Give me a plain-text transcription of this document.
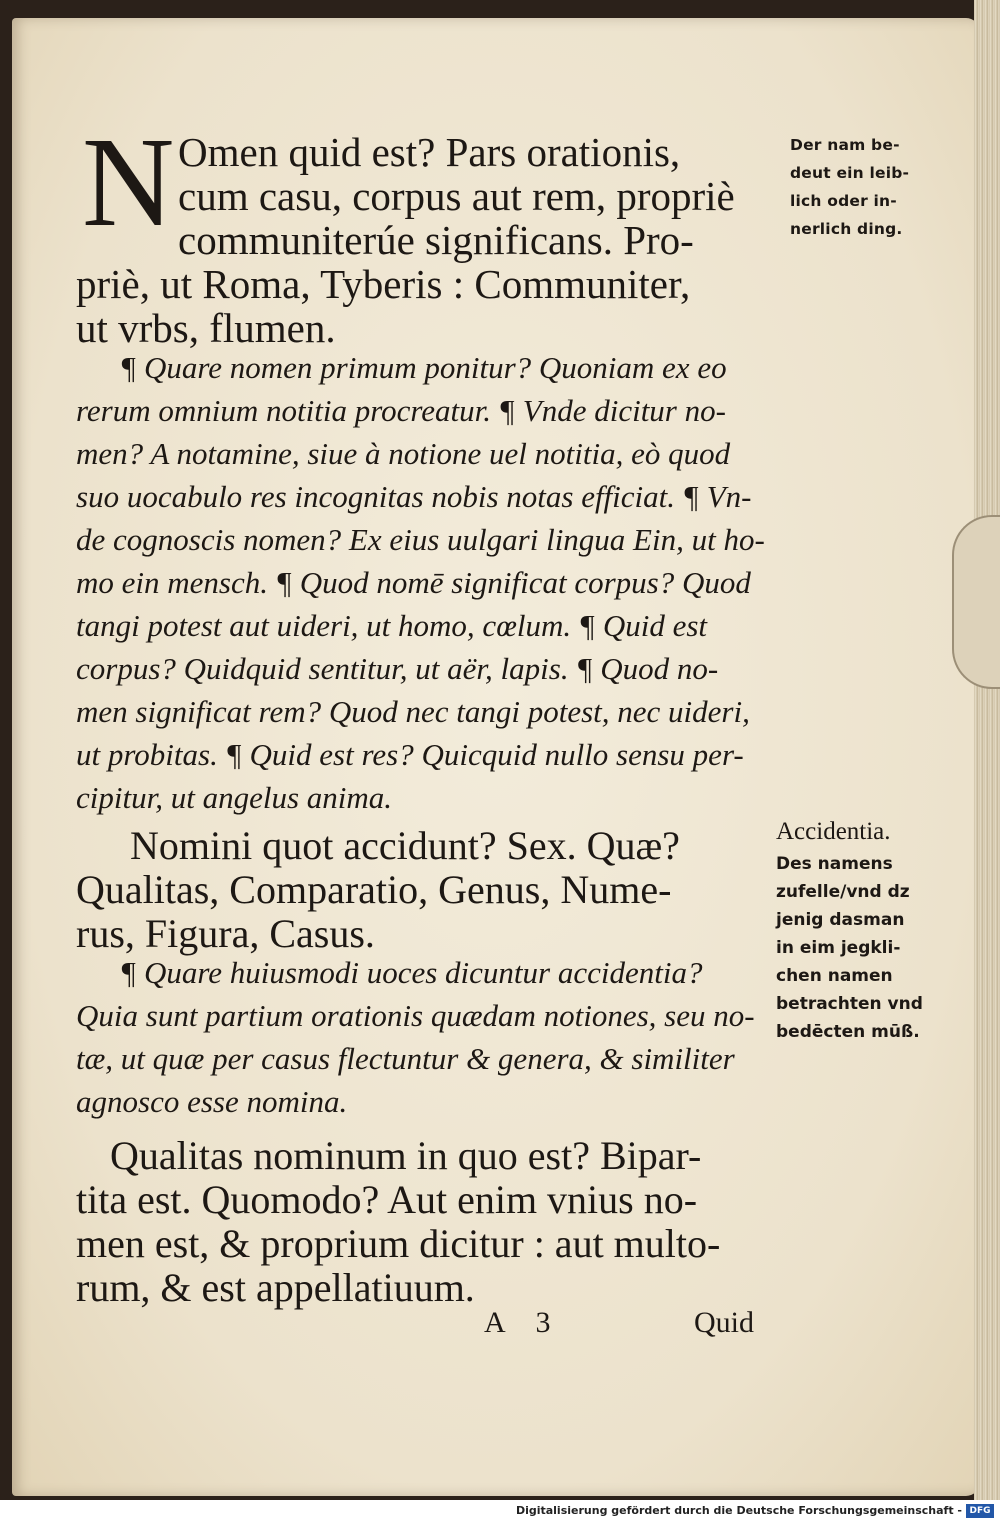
N Omen quid est? Pars orationis,
cum casu, corpus aut rem, propriè
communiterúe significans. Pro-
priè, ut Roma, Tyberis : Communiter,
ut vrbs, flumen.
¶ Quare nomen primum ponitur? Quoniam ex eo
rerum omnium notitia procreatur. ¶ Vnde dicitur no-
men? A notamine, siue à notione uel notitia, eò quod
suo uocabulo res incognitas nobis notas efficiat. ¶ Vn-
de cognoscis nomen? Ex eius uulgari lingua Ein, ut ho-
mo ein mensch. ¶ Quod nomē significat corpus? Quod
tangi potest aut uideri, ut homo, cœlum. ¶ Quid est
corpus? Quidquid sentitur, ut aër, lapis. ¶ Quod no-
men significat rem? Quod nec tangi potest, nec uideri,
ut probitas. ¶ Quid est res? Quicquid nullo sensu per-
cipitur, ut angelus anima.
Nomini quot accidunt? Sex. Quæ?
Qualitas, Comparatio, Genus, Nume-
rus, Figura, Casus.
¶ Quare huiusmodi uoces dicuntur accidentia?
Quia sunt partium orationis quædam notiones, seu no-
tæ, ut quæ per casus flectuntur & genera, & similiter
agnosco esse nomina.
Qualitas nominum in quo est? Bipar-
tita est. Quomodo? Aut enim vnius no-
men est, & proprium dicitur : aut multo-
rum, & est appellatiuum.
A 3	Quid
Der nam be-
deut ein leib-
lich oder in-
nerlich ding.
Accidentia.
Des namens
zufelle/vnd dz
jenig dasman
in eim jegkli-
chen namen
betrachten vnd
bedēcten mūß.
Digitalisierung gefördert durch die Deutsche Forschungsgemeinschaft - DFG
